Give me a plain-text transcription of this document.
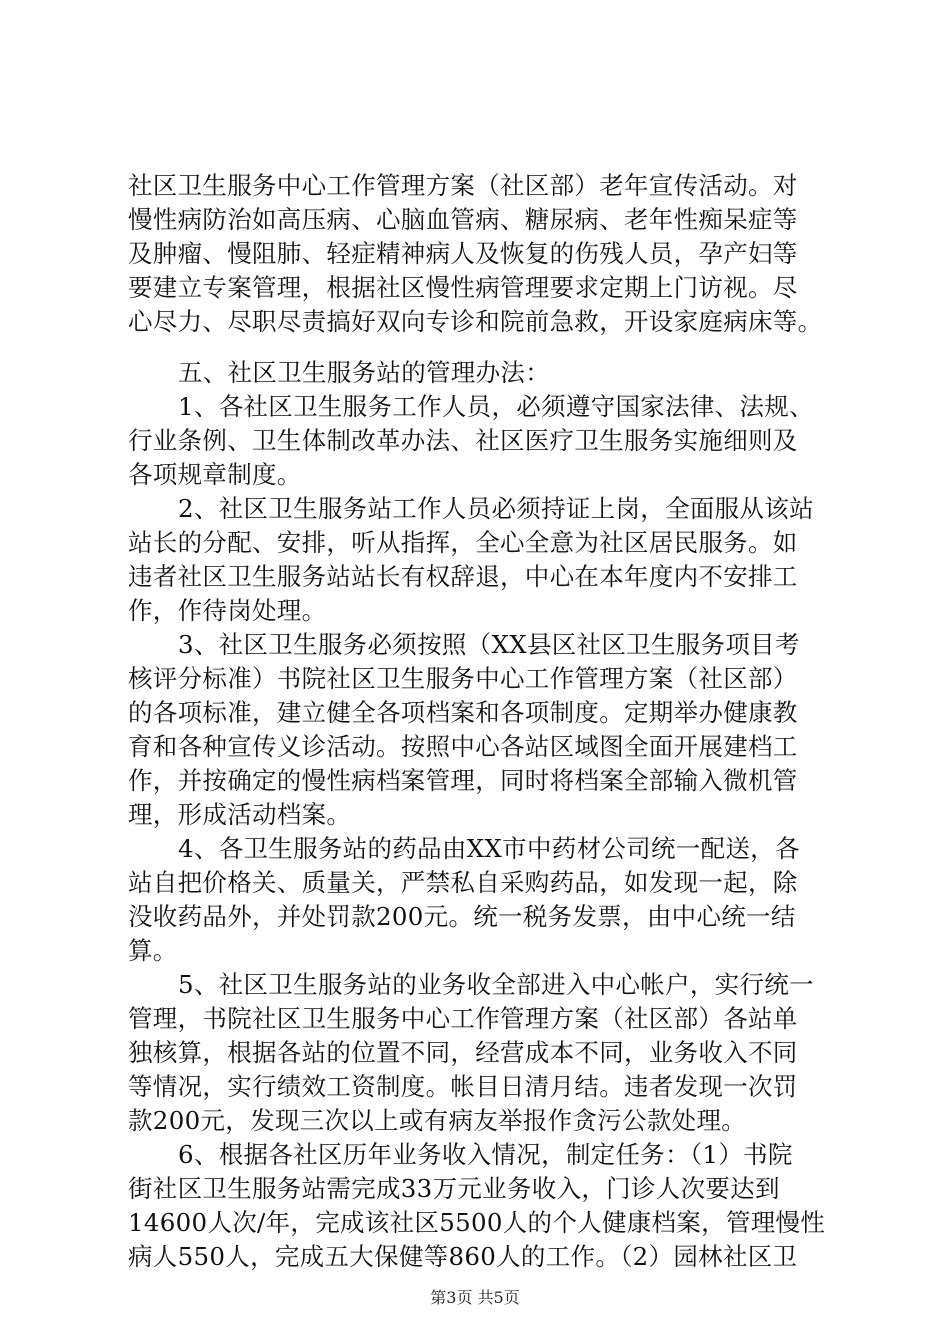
社区卫生服务中心工作管理方案（社区部）老年宣传活动。对
慢性病防治如高压病、心脑血管病、糖尿病、老年性痴呆症等
及肿瘤、慢阻肺、轻症精神病人及恢复的伤残人员，孕产妇等
要建立专案管理，根据社区慢性病管理要求定期上门访视。尽
心尽力、尽职尽责搞好双向专诊和院前急救，开设家庭病床等。
五、社区卫生服务站的管理办法：
1、各社区卫生服务工作人员，必须遵守国家法律、法规、
行业条例、卫生体制改革办法、社区医疗卫生服务实施细则及
各项规章制度。
2、社区卫生服务站工作人员必须持证上岗，全面服从该站
站长的分配、安排，听从指挥，全心全意为社区居民服务。如
违者社区卫生服务站站长有权辞退，中心在本年度内不安排工
作，作待岗处理。
3、社区卫生服务必须按照（XX县区社区卫生服务项目考
核评分标准）书院社区卫生服务中心工作管理方案（社区部）
的各项标准，建立健全各项档案和各项制度。定期举办健康教
育和各种宣传义诊活动。按照中心各站区域图全面开展建档工
作，并按确定的慢性病档案管理，同时将档案全部输入微机管
理，形成活动档案。
4、各卫生服务站的药品由XX市中药材公司统一配送，各
站自把价格关、质量关，严禁私自采购药品，如发现一起，除
没收药品外，并处罚款200元。统一税务发票，由中心统一结
算。
5、社区卫生服务站的业务收全部进入中心帐户，实行统一
管理，书院社区卫生服务中心工作管理方案（社区部）各站单
独核算，根据各站的位置不同，经营成本不同，业务收入不同
等情况，实行绩效工资制度。帐目日清月结。违者发现一次罚
款200元，发现三次以上或有病友举报作贪污公款处理。
6、根据各社区历年业务收入情况，制定任务：（1）书院
街社区卫生服务站需完成33万元业务收入，门诊人次要达到
14600人次/年，完成该社区5500人的个人健康档案，管理慢性
病人550人，完成五大保健等860人的工作。（2）园林社区卫
第3页 共5页
